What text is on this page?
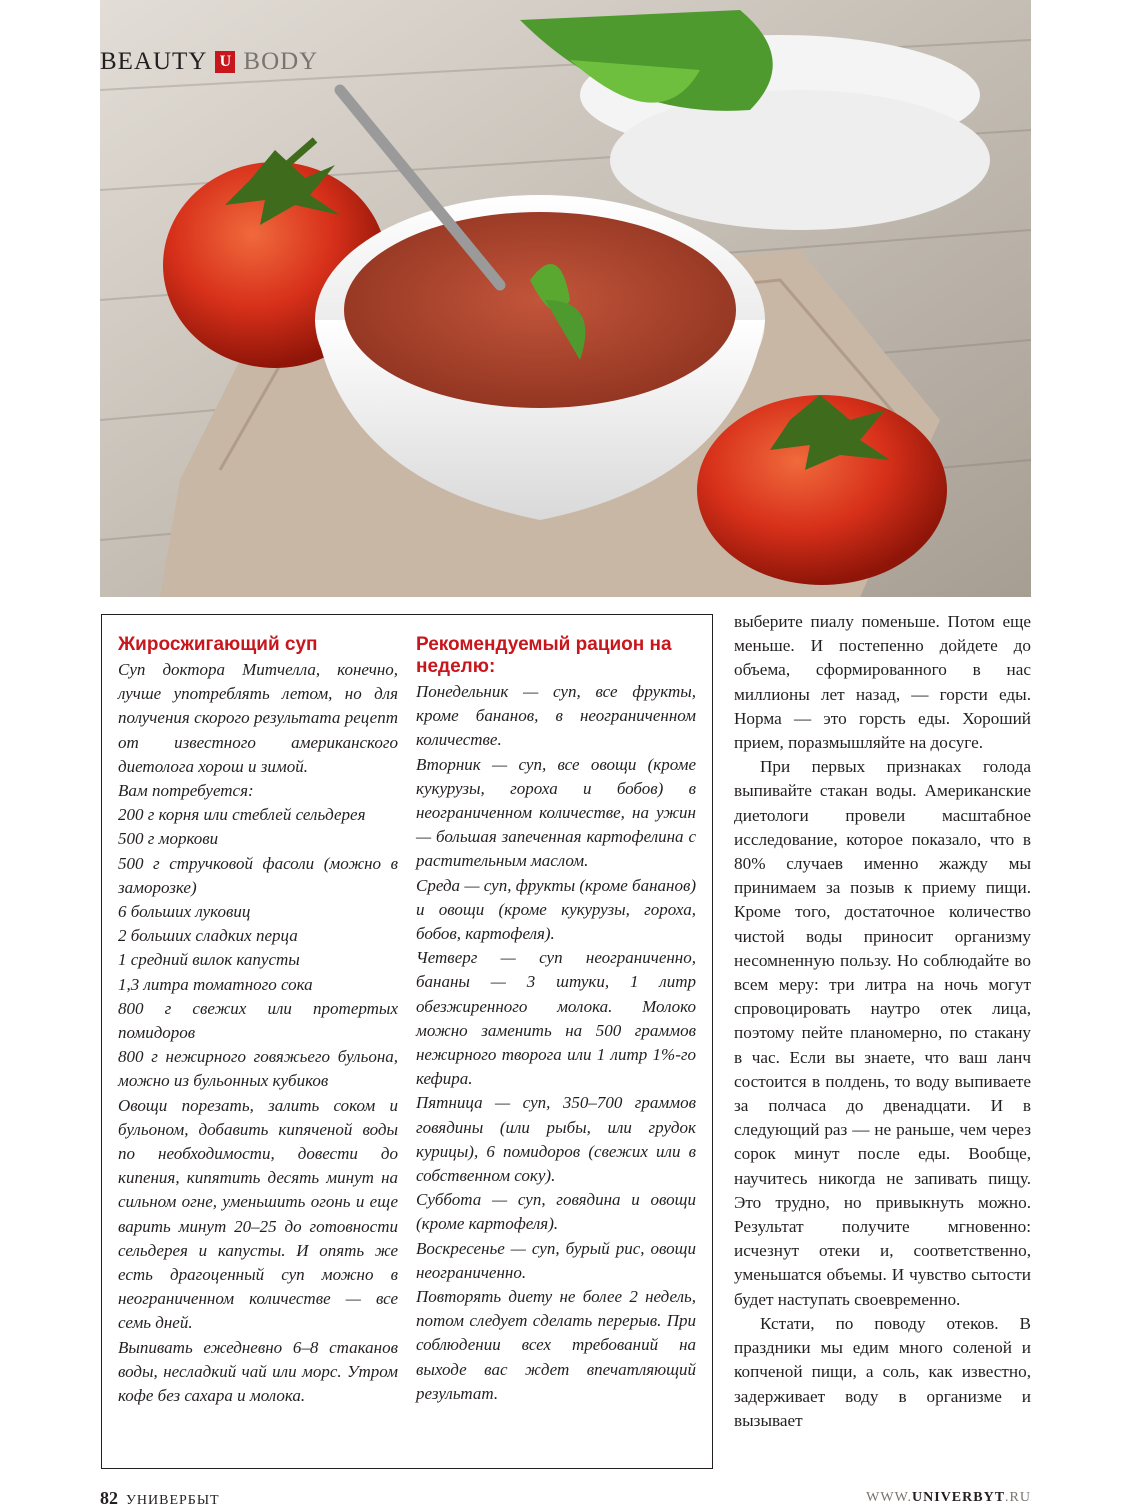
BEAUTY U BODY
Жиросжигающий суп

Суп доктора Митчелла, конечно, лучше употреблять летом, но для получения скорого результата рецепт от известного американского диетолога хорош и зимой.

Вам потребуется:

200 г корня или стеблей сельдерея

500 г моркови

500 г стручковой фасоли (можно в заморозке)

6 больших луковиц

2 больших сладких перца

1 средний вилок капусты

1,3 литра томатного сока

800 г свежих или протертых помидоров

800 г нежирного говяжьего бульона, можно из бульонных кубиков

Овощи порезать, залить соком и бульоном, добавить кипяченой воды по необходимости, довести до кипения, кипятить десять минут на сильном огне, уменьшить огонь и еще варить минут 20–25 до готовности сельдерея и капусты. И опять же есть драгоценный суп можно в неограниченном количестве — все семь дней.

Выпивать ежедневно 6–8 стаканов воды, несладкий чай или морс. Утром кофе без сахара и молока.

Рекомендуемый рацион на неделю:

Понедельник — суп, все фрукты, кроме бананов, в неограниченном количестве.

Вторник — суп, все овощи (кроме кукурузы, гороха и бобов) в неограниченном количестве, на ужин — большая запеченная картофелина с растительным маслом.

Среда — суп, фрукты (кроме бананов) и овощи (кроме кукурузы, гороха, бобов, картофеля).

Четверг — суп неограниченно, бананы — 3 штуки, 1 литр обезжиренного молока. Молоко можно заменить на 500 граммов нежирного творога или 1 литр 1%-го кефира.

Пятница — суп, 350–700 граммов говядины (или рыбы, или грудок курицы), 6 помидоров (свежих или в собственном соку).

Суббота — суп, говядина и овощи (кроме картофеля).

Воскресенье — суп, бурый рис, овощи неограниченно.

Повторять диету не более 2 недель, потом следует сделать перерыв. При соблюдении всех требований на выходе вас ждет впечатляющий результат.

выберите пиалу поменьше. Потом еще меньше. И постепенно дойдете до объема, сформированного в нас миллионы лет назад, — горсти еды. Норма — это горсть еды. Хороший прием, поразмышляйте на досуге.

При первых признаках голода выпивайте стакан воды. Американские диетологи провели масштабное исследование, которое показало, что в 80% случаев именно жажду мы принимаем за позыв к приему пищи. Кроме того, достаточное количество чистой воды приносит организму несомненную пользу. Но соблюдайте во всем меру: три литра на ночь могут спровоцировать наутро отек лица, поэтому пейте планомерно, по стакану в час. Если вы знаете, что ваш ланч состоится в полдень, то воду выпиваете за полчаса до двенадцати. И в следующий раз — не раньше, чем через сорок минут после еды. Вообще, научитесь никогда не запивать пищу. Это трудно, но привыкнуть можно. Результат получите мгновенно: исчезнут отеки и, соответственно, уменьшатся объемы. И чувство сытости будет наступать своевременно.

Кстати, по поводу отеков. В праздники мы едим много соленой и копченой пищи, а соль, как известно, задерживает воду в организме и вызывает

82 УНИВЕРБЫТ	WWW.UNIVERBYT.RU
